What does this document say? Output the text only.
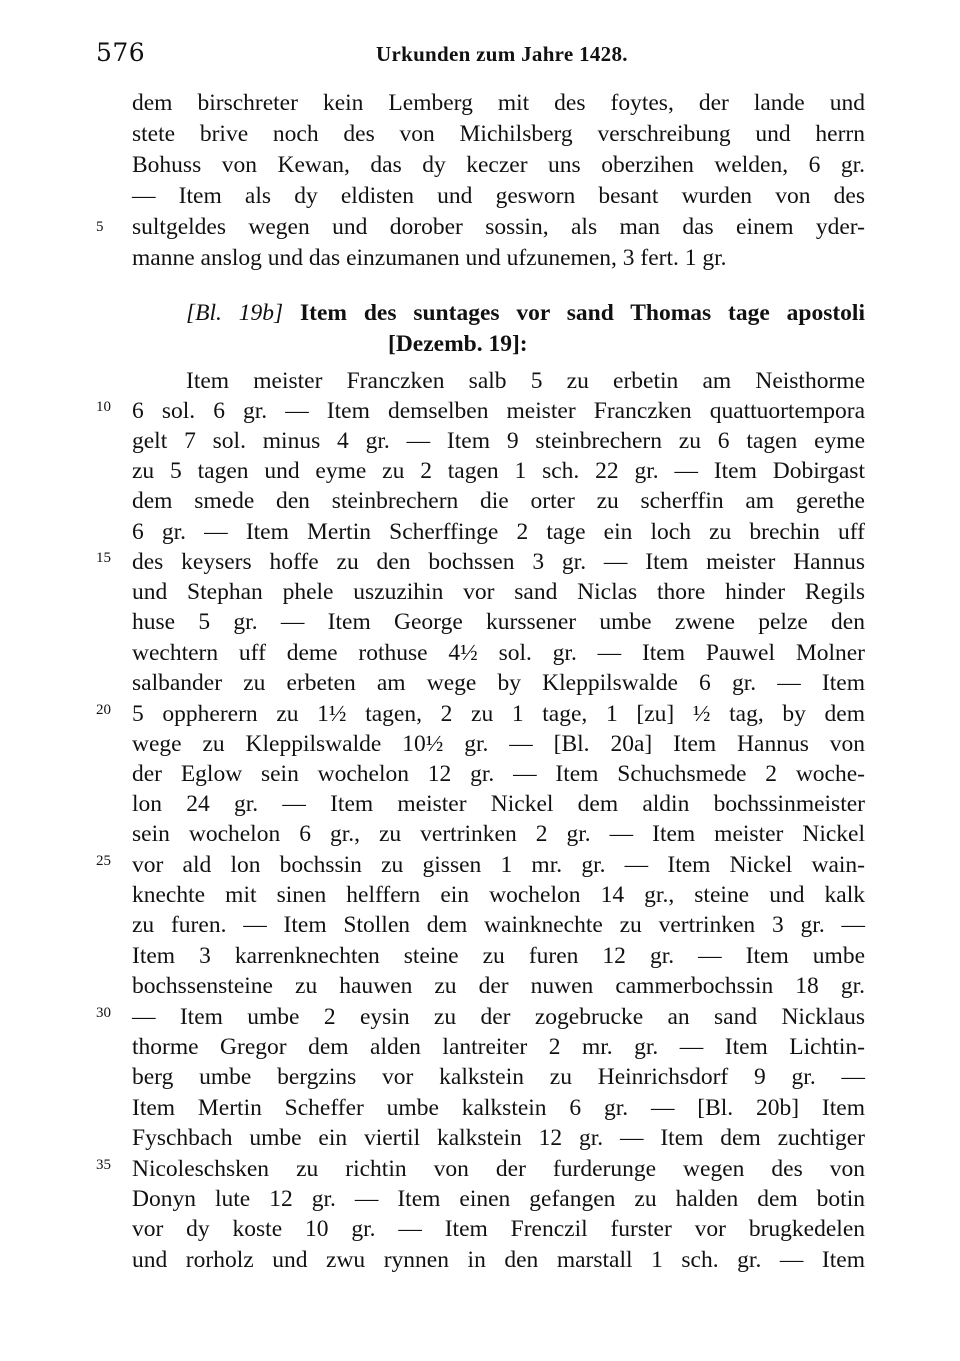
576	Urkunden zum Jahre 1428.
dem birschreter kein Lemberg mit des foytes, der lande und
stete brive noch des von Michilsberg verschreibung und herrn
Bohuss von Kewan, das dy keczer uns oberzihen welden, 6 gr.
— Item als dy eldisten und gesworn besant wurden von des
sultgeldes wegen und dorober sossin, als man das einem yder-
manne anslog und das einzumanen und ufzunemen, 3 fert. 1 gr.
[Bl. 19b] Item des suntages vor sand Thomas tage apostoli
[Dezemb. 19]:
Item meister Franczken salb 5 zu erbetin am Neisthorme
6 sol. 6 gr. — Item demselben meister Franczken quattuortempora
gelt 7 sol. minus 4 gr. — Item 9 steinbrechern zu 6 tagen eyme
zu 5 tagen und eyme zu 2 tagen 1 sch. 22 gr. — Item Dobirgast
dem smede den steinbrechern die orter zu scherffin am gerethe
6 gr. — Item Mertin Scherffinge 2 tage ein loch zu brechin uff
des keysers hoffe zu den bochssen 3 gr. — Item meister Hannus
und Stephan phele uszuzihin vor sand Niclas thore hinder Regils
huse 5 gr. — Item George kurssener umbe zwene pelze den
wechtern uff deme rothuse 4½ sol. gr. — Item Pauwel Molner
salbander zu erbeten am wege by Kleppilswalde 6 gr. — Item
5 oppherern zu 1½ tagen, 2 zu 1 tage, 1 [zu] ½ tag, by dem
wege zu Kleppilswalde 10½ gr. — [Bl. 20a] Item Hannus von
der Eglow sein wochelon 12 gr. — Item Schuchsmede 2 woche-
lon 24 gr. — Item meister Nickel dem aldin bochssinmeister
sein wochelon 6 gr., zu vertrinken 2 gr. — Item meister Nickel
vor ald lon bochssin zu gissen 1 mr. gr. — Item Nickel wain-
knechte mit sinen helffern ein wochelon 14 gr., steine und kalk
zu furen. — Item Stollen dem wainknechte zu vertrinken 3 gr. —
Item 3 karrenknechten steine zu furen 12 gr. — Item umbe
bochssensteine zu hauwen zu der nuwen cammerbochssin 18 gr.
— Item umbe 2 eysin zu der zogebrucke an sand Nicklaus
thorme Gregor dem alden lantreiter 2 mr. gr. — Item Lichtin-
berg umbe bergzins vor kalkstein zu Heinrichsdorf 9 gr. —
Item Mertin Scheffer umbe kalkstein 6 gr. — [Bl. 20b] Item
Fyschbach umbe ein viertil kalkstein 12 gr. — Item dem zuchtiger
Nicoleschsken zu richtin von der furderunge wegen des von
Donyn lute 12 gr. — Item einen gefangen zu halden dem botin
vor dy koste 10 gr. — Item Frenczil furster vor brugkedelen
und rorholz und zwu rynnen in den marstall 1 sch. gr. — Item
5
10
15
20
25
30
35
